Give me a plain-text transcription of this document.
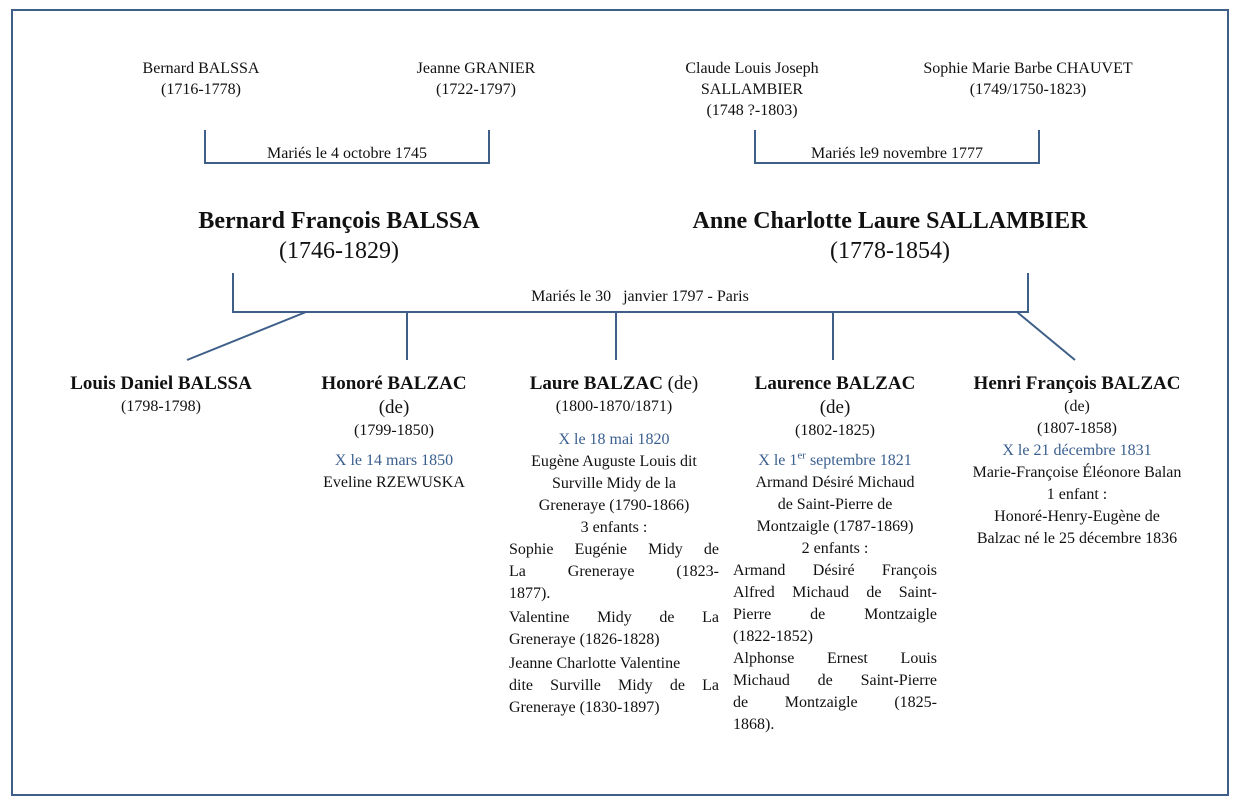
Bernard BALSSA
(1716-1778)
Jeanne GRANIER
(1722-1797)
Claude Louis Joseph
SALLAMBIER
(1748 ?-1803)
Sophie Marie Barbe CHAUVET
(1749/1750-1823)
Mariés le 4 octobre 1745	Mariés le9 novembre 1777
Bernard François BALSSA
(1746-1829)
Anne Charlotte Laure SALLAMBIER
(1778-1854)
Mariés le 30   janvier 1797 - Paris
Louis Daniel BALSSA
(1798-1798)
Honoré BALZAC
(de)
(1799-1850)
X le 14 mars 1850
Eveline RZEWUSKA
Laure BALZAC (de)
(1800-1870/1871)
X le 18 mai 1820
Eugène Auguste Louis dit
Surville Midy de la
Greneraye (1790-1866)
3 enfants :
Sophie Eugénie Midy de
La Greneraye (1823-
1877).
Valentine Midy de La
Greneraye (1826-1828)
Jeanne Charlotte Valentine
dite Surville Midy de La
Greneraye (1830-1897)
Laurence BALZAC
(de)
(1802-1825)
X le 1er septembre 1821
Armand Désiré Michaud
de Saint-Pierre de
Montzaigle (1787-1869)
2 enfants :
Armand Désiré François
Alfred Michaud de Saint-
Pierre de Montzaigle
(1822-1852)
Alphonse Ernest Louis
Michaud de Saint-Pierre
de Montzaigle (1825-
1868).
Henri François BALZAC
(de)
(1807-1858)
X le 21 décembre 1831
Marie-Françoise Éléonore Balan
1 enfant :
Honoré-Henry-Eugène de
Balzac né le 25 décembre 1836
